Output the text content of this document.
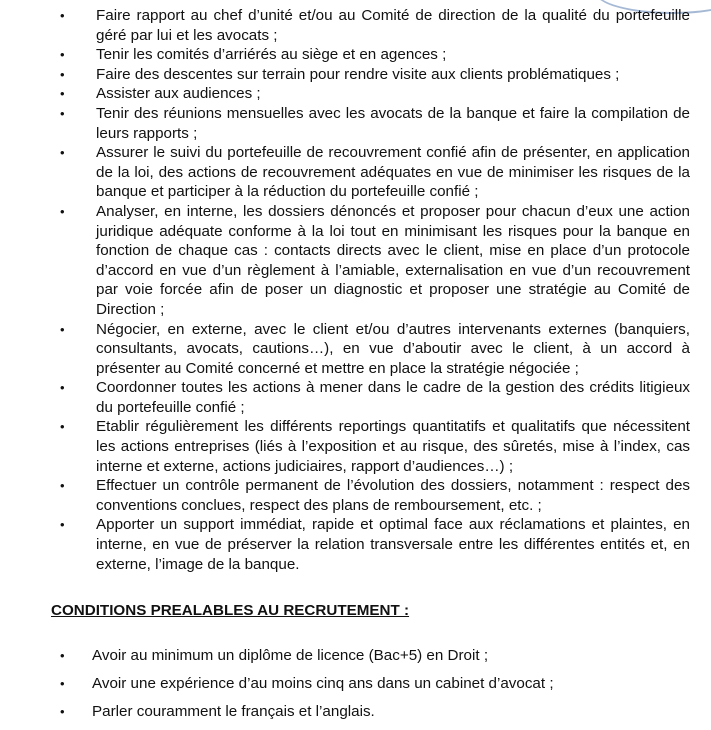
• Faire rapport au chef d’unité et/ou au Comité de direction de la qualité du portefeuille géré par lui et les avocats ;
• Tenir les comités d’arriérés au siège et en agences ;
• Faire des descentes sur terrain pour rendre visite aux clients problématiques ;
• Assister aux audiences ;
• Tenir des réunions mensuelles avec les avocats de la banque et faire la compilation de leurs rapports ;
• Assurer le suivi du portefeuille de recouvrement confié afin de présenter, en application de la loi, des actions de recouvrement adéquates en vue de minimiser les risques de la banque et participer à la réduction du portefeuille confié ;
• Analyser, en interne, les dossiers dénoncés et proposer pour chacun d’eux une action juridique adéquate conforme à la loi tout en minimisant les risques pour la banque en fonction de chaque cas : contacts directs avec le client, mise en place d’un protocole d’accord en vue d’un règlement à l’amiable, externalisation en vue d’un recouvrement par voie forcée afin de poser un diagnostic et proposer une stratégie au Comité de Direction ;
• Négocier, en externe, avec le client et/ou d’autres intervenants externes (banquiers, consultants, avocats, cautions…), en vue d’aboutir avec le client, à un accord à présenter au Comité concerné et mettre en place la stratégie négociée ;
• Coordonner toutes les actions à mener dans le cadre de la gestion des crédits litigieux du portefeuille confié ;
• Etablir régulièrement les différents reportings quantitatifs et qualitatifs que nécessitent les actions entreprises (liés à l’exposition et au risque, des sûretés, mise à l’index, cas interne et externe, actions judiciaires, rapport d’audiences…) ;
• Effectuer un contrôle permanent de l’évolution des dossiers, notamment : respect des conventions conclues, respect des plans de remboursement, etc. ;
• Apporter un support immédiat, rapide et optimal face aux réclamations et plaintes, en interne, en vue de préserver la relation transversale entre les différentes entités et, en externe, l’image de la banque.
CONDITIONS PREALABLES AU RECRUTEMENT :
• Avoir au minimum un diplôme de licence (Bac+5) en Droit ;
• Avoir une expérience d’au moins cinq ans dans un cabinet d’avocat ;
• Parler couramment le français et l’anglais.
